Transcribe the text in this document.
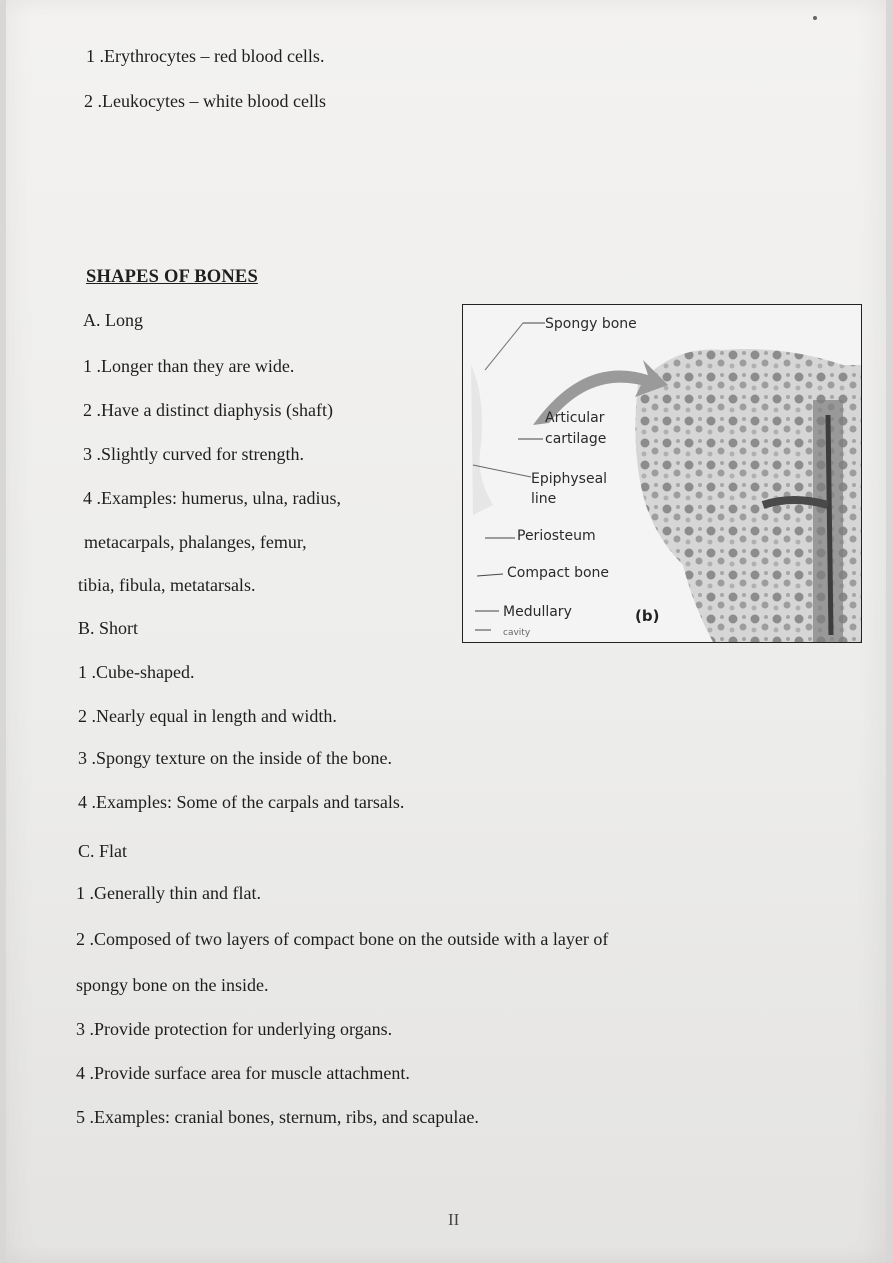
1 .Erythrocytes – red blood cells.
2 .Leukocytes – white blood cells
SHAPES OF BONES
A. Long
1 .Longer than they are wide.
2 .Have a distinct diaphysis (shaft)
3 .Slightly curved for strength.
4 .Examples: humerus, ulna, radius,
metacarpals, phalanges, femur,
tibia, fibula, metatarsals.
B. Short
1 .Cube-shaped.
2 .Nearly equal in length and width.
3 .Spongy texture on the inside of the bone.
4 .Examples: Some of the carpals and tarsals.
C. Flat
1 .Generally thin and flat.
2 .Composed of two layers of compact bone on the outside with a layer of
spongy bone on the inside.
3 .Provide protection for underlying organs.
4 .Provide surface area for muscle attachment.
5 .Examples: cranial bones, sternum, ribs, and scapulae.
Spongy bone
Articular
cartilage
Epiphyseal
line
Periosteum
Compact bone
Medullary
cavity
(b)
II
